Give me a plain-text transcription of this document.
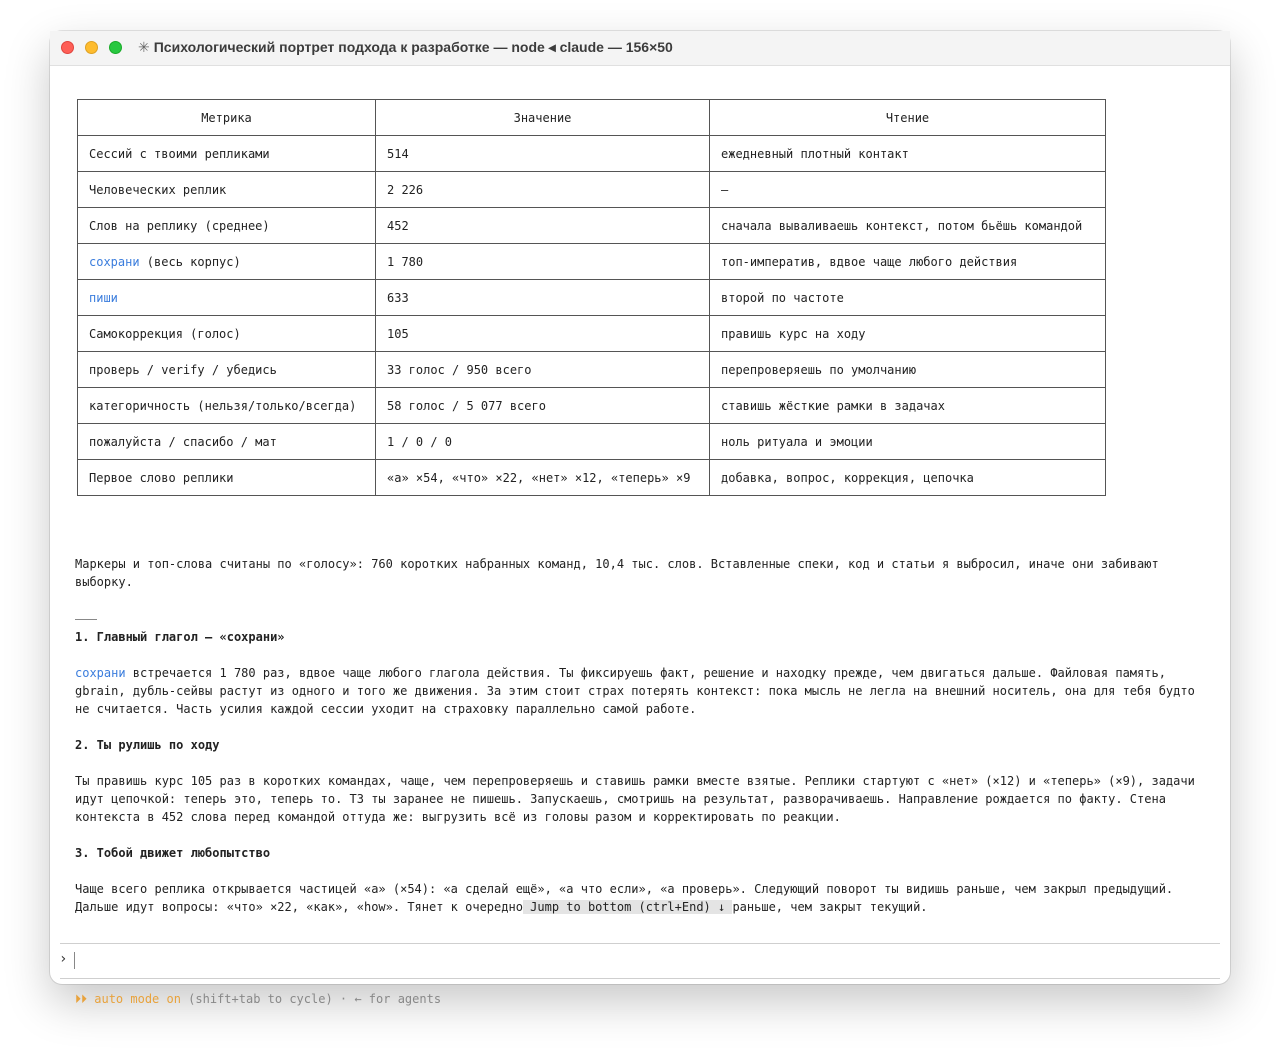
✳ Психологический портрет подхода к разработке — node ◂ claude — 156×50
Метрика	Значение	Чтение
Сессий с твоими репликами	514	ежедневный плотный контакт
Человеческих реплик	2 226	—
Слов на реплику (среднее)	452	сначала вываливаешь контекст, потом бьёшь командой
сохрани (весь корпус)	1 780	топ-императив, вдвое чаще любого действия
пиши	633	второй по частоте
Самокоррекция (голос)	105	правишь курс на ходу
проверь / verify / убедись	33 голос / 950 всего	перепроверяешь по умолчанию
категоричность (нельзя/только/всегда)	58 голос / 5 077 всего	ставишь жёсткие рамки в задачах
пожалуйста / спасибо / мат	1 / 0 / 0	ноль ритуала и эмоции
Первое слово реплики	«а» ×54, «что» ×22, «нет» ×12, «теперь» ×9	добавка, вопрос, коррекция, цепочка

Маркеры и топ-слова считаны по «голосу»: 760 коротких набранных команд, 10,4 тыс. слов. Вставленные спеки, код и статьи я выбросил, иначе они забивают выборку.

1. Главный глагол — «сохрани»

сохрани встречается 1 780 раз, вдвое чаще любого глагола действия. Ты фиксируешь факт, решение и находку прежде, чем двигаться дальше. Файловая память, gbrain, дубль-сейвы растут из одного и того же движения. За этим стоит страх потерять контекст: пока мысль не легла на внешний носитель, она для тебя будто не считается. Часть усилия каждой сессии уходит на страховку параллельно самой работе.

2. Ты рулишь по ходу

Ты правишь курс 105 раз в коротких командах, чаще, чем перепроверяешь и ставишь рамки вместе взятые. Реплики стартуют с «нет» (×12) и «теперь» (×9), задачи идут цепочкой: теперь это, теперь то. ТЗ ты заранее не пишешь. Запускаешь, смотришь на результат, разворачиваешь. Направление рождается по факту. Стена контекста в 452 слова перед командой оттуда же: выгрузить всё из головы разом и корректировать по реакции.

3. Тобой движет любопытство

Чаще всего реплика открывается частицей «а» (×54): «а сделай ещё», «а что если», «а проверь». Следующий поворот ты видишь раньше, чем закрыл предыдущий. Дальше идут вопросы: «что» ×22, «как», «how». Тянет к очередно Jump to bottom (ctrl+End) ↓ раньше, чем закрыт текущий.

›
⏵⏵ auto mode on (shift+tab to cycle) · ← for agents
